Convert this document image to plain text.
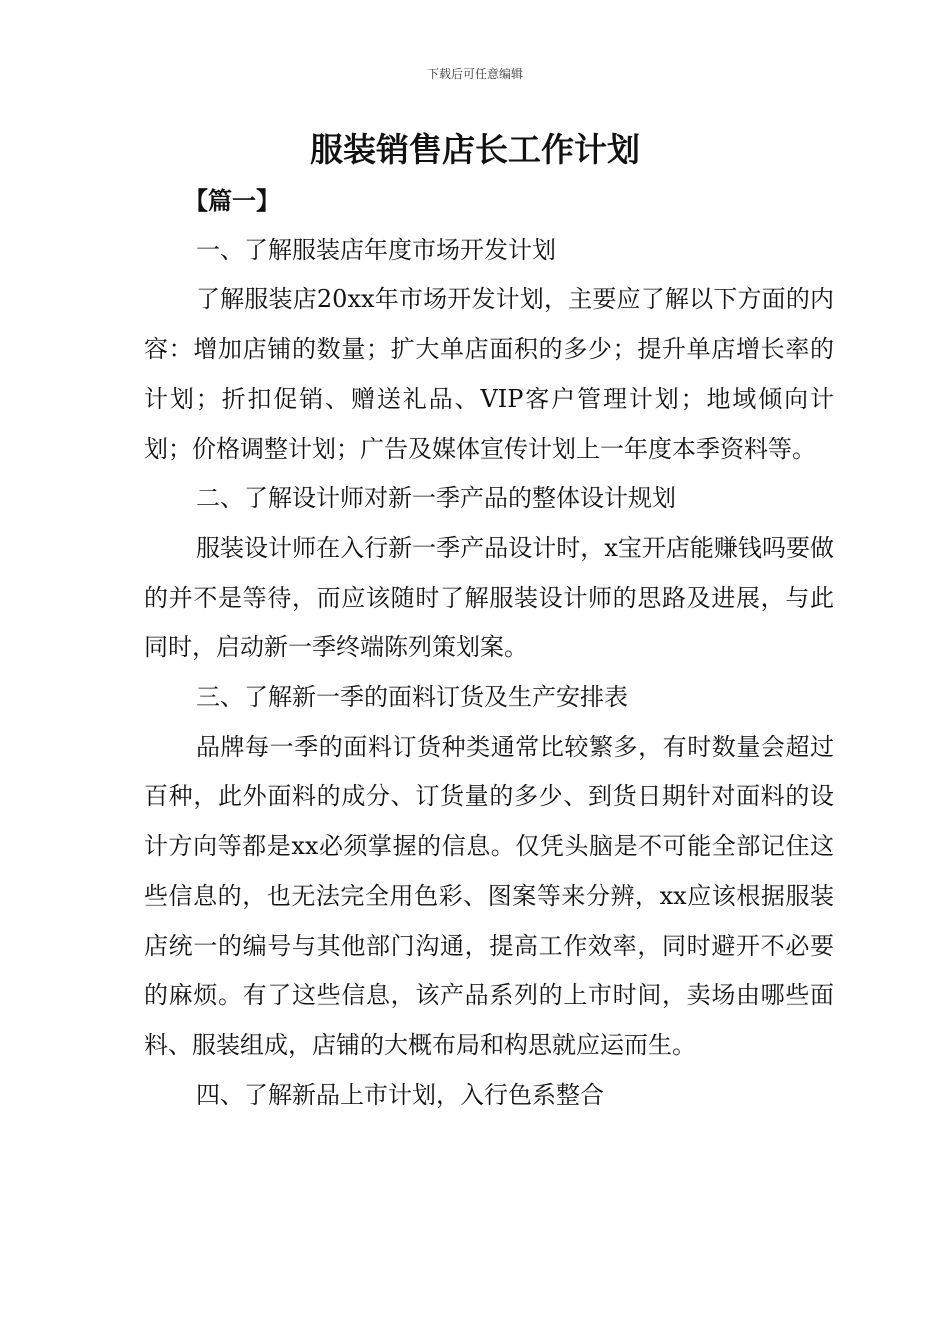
下载后可任意编辑
服装销售店长工作计划

【篇一】

一、了解服装店年度市场开发计划

了解服装店20xx年市场开发计划，主要应了解以下方面的内容：增加店铺的数量；扩大单店面积的多少；提升单店增长率的计划；折扣促销、赠送礼品、VIP客户管理计划；地域倾向计划；价格调整计划；广告及媒体宣传计划上一年度本季资料等。

二、了解设计师对新一季产品的整体设计规划

服装设计师在入行新一季产品设计时，x宝开店能赚钱吗要做的并不是等待，而应该随时了解服装设计师的思路及进展，与此同时，启动新一季终端陈列策划案。

三、了解新一季的面料订货及生产安排表

品牌每一季的面料订货种类通常比较繁多，有时数量会超过百种，此外面料的成分、订货量的多少、到货日期针对面料的设计方向等都是xx必须掌握的信息。仅凭头脑是不可能全部记住这些信息的，也无法完全用色彩、图案等来分辨，xx应该根据服装店统一的编号与其他部门沟通，提高工作效率，同时避开不必要的麻烦。有了这些信息，该产品系列的上市时间，卖场由哪些面料、服装组成，店铺的大概布局和构思就应运而生。

四、了解新品上市计划，入行色系整合
